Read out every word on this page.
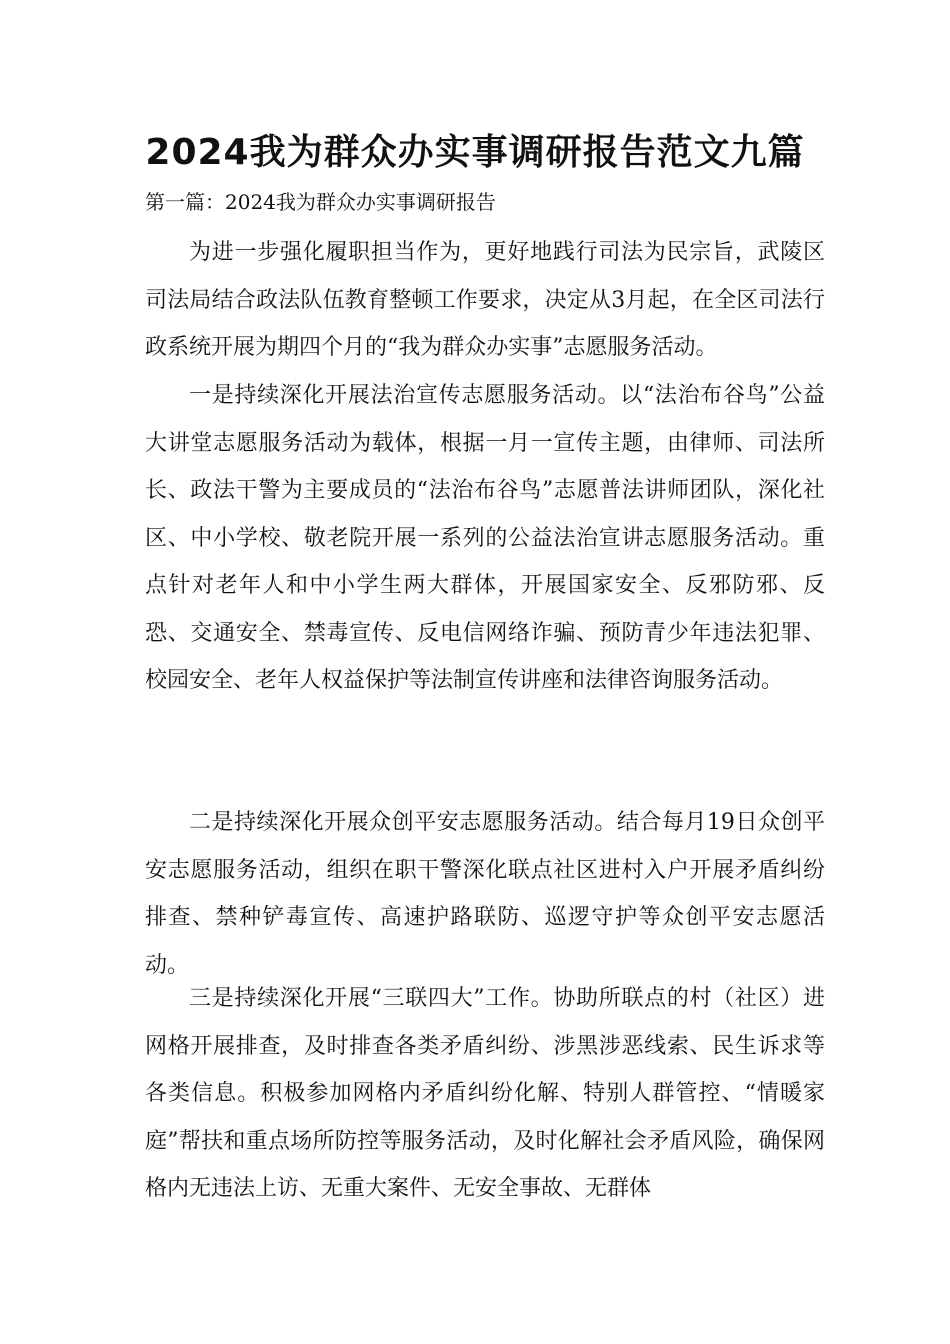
2024我为群众办实事调研报告范文九篇
第一篇：2024我为群众办实事调研报告

为进一步强化履职担当作为，更好地践行司法为民宗旨，武陵区司法局结合政法队伍教育整顿工作要求，决定从3月起，在全区司法行政系统开展为期四个月的“我为群众办实事”志愿服务活动。

一是持续深化开展法治宣传志愿服务活动。以“法治布谷鸟”公益大讲堂志愿服务活动为载体，根据一月一宣传主题，由律师、司法所长、政法干警为主要成员的“法治布谷鸟”志愿普法讲师团队，深化社区、中小学校、敬老院开展一系列的公益法治宣讲志愿服务活动。重点针对老年人和中小学生两大群体，开展国家安全、反邪防邪、反恐、交通安全、禁毒宣传、反电信网络诈骗、预防青少年违法犯罪、校园安全、老年人权益保护等法制宣传讲座和法律咨询服务活动。

二是持续深化开展众创平安志愿服务活动。结合每月19日众创平安志愿服务活动，组织在职干警深化联点社区进村入户开展矛盾纠纷排查、禁种铲毒宣传、高速护路联防、巡逻守护等众创平安志愿活动。

三是持续深化开展“三联四大”工作。协助所联点的村（社区）进网格开展排查，及时排查各类矛盾纠纷、涉黑涉恶线索、民生诉求等各类信息。积极参加网格内矛盾纠纷化解、特别人群管控、“情暖家庭”帮扶和重点场所防控等服务活动，及时化解社会矛盾风险，确保网格内无违法上访、无重大案件、无安全事故、无群体
